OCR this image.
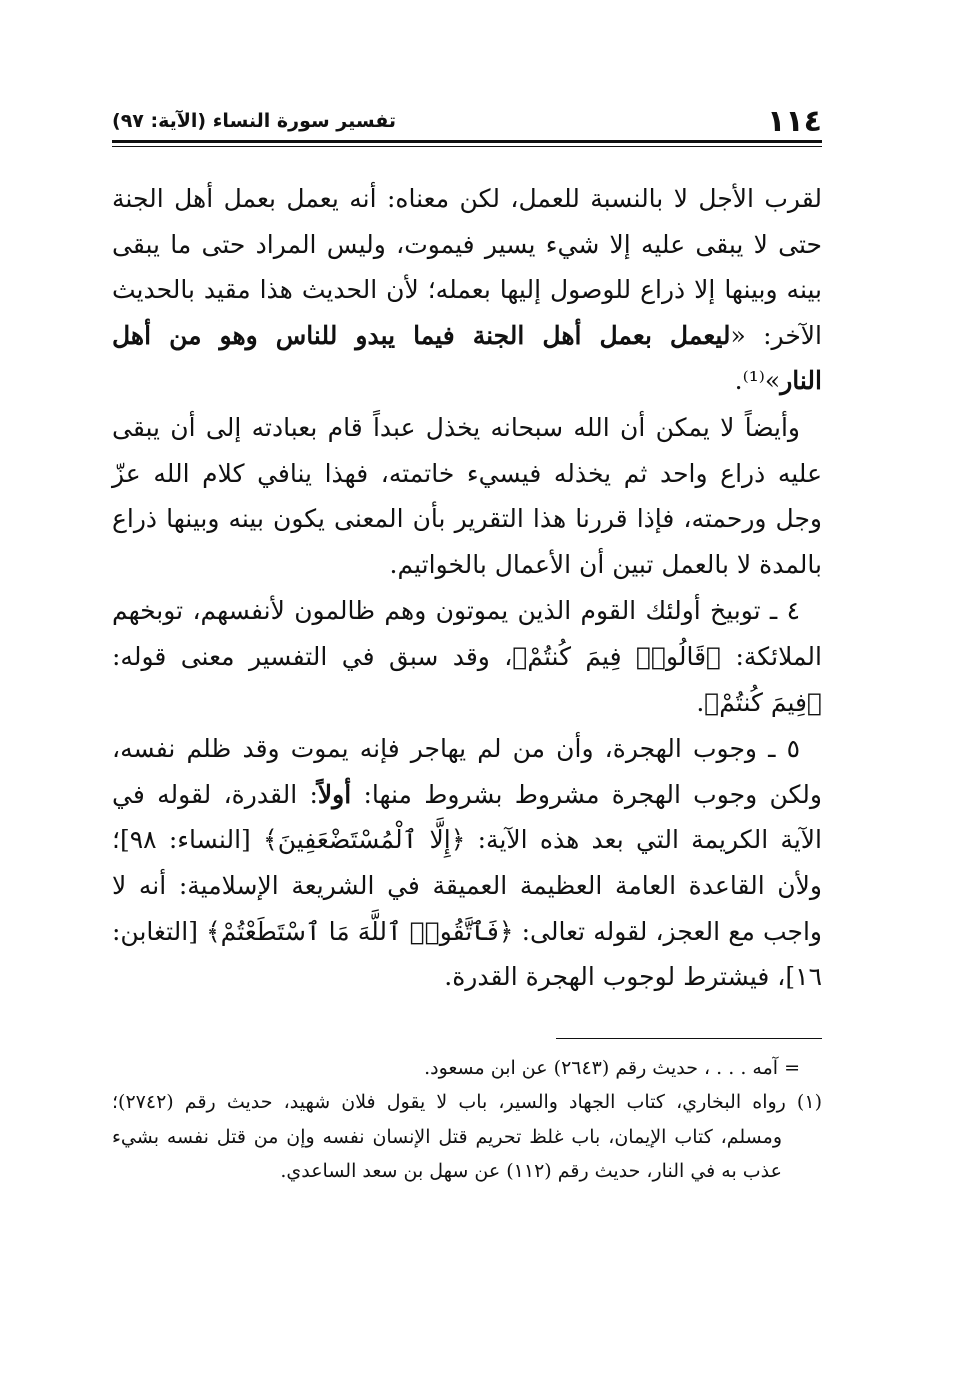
١١٤
تفسير سورة النساء (الآية: ٩٧)

لقرب الأجل لا بالنسبة للعمل، لكن معناه: أنه يعمل بعمل أهل الجنة حتى لا يبقى عليه إلا شيء يسير فيموت، وليس المراد حتى ما يبقى بينه وبينها إلا ذراع للوصول إليها بعمله؛ لأن الحديث هذا مقيد بالحديث الآخر: «ليعمل بعمل أهل الجنة فيما يبدو للناس وهو من أهل النار»⁽¹⁾.

وأيضاً لا يمكن أن الله سبحانه يخذل عبداً قام بعبادته إلى أن يبقى عليه ذراع واحد ثم يخذله فيسيء خاتمته، فهذا ينافي كلام الله عزّ وجل ورحمته، فإذا قررنا هذا التقرير بأن المعنى يكون بينه وبينها ذراع بالمدة لا بالعمل تبين أن الأعمال بالخواتيم.

٤ ـ توبيخ أولئك القوم الذين يموتون وهم ظالمون لأنفسهم، توبخهم الملائكة: ﴿قَالُوا۟ فِيمَ كُنتُمْ﴾، وقد سبق في التفسير معنى قوله: ﴿فِيمَ كُنتُمْ﴾.

٥ ـ وجوب الهجرة، وأن من لم يهاجر فإنه يموت وقد ظلم نفسه، ولكن وجوب الهجرة مشروط بشروط منها: أولاً: القدرة، لقوله في الآية الكريمة التي بعد هذه الآية: ﴿إِلَّا ٱلْمُسْتَضْعَفِينَ﴾ [النساء: ٩٨]؛ ولأن القاعدة العامة العظيمة العميقة في الشريعة الإسلامية: أنه لا واجب مع العجز، لقوله تعالى: ﴿فَٱتَّقُوا۟ ٱللَّهَ مَا ٱسْتَطَعْتُمْ﴾ [التغابن: ١٦]، فيشترط لوجوب الهجرة القدرة.

= آمه . . . ، حديث رقم (٢٦٤٣) عن ابن مسعود.

(١) رواه البخاري، كتاب الجهاد والسير، باب لا يقول فلان شهيد، حديث رقم (٢٧٤٢)؛ ومسلم، كتاب الإيمان، باب غلظ تحريم قتل الإنسان نفسه وإن من قتل نفسه بشيء عذب به في النار، حديث رقم (١١٢) عن سهل بن سعد الساعدي.
